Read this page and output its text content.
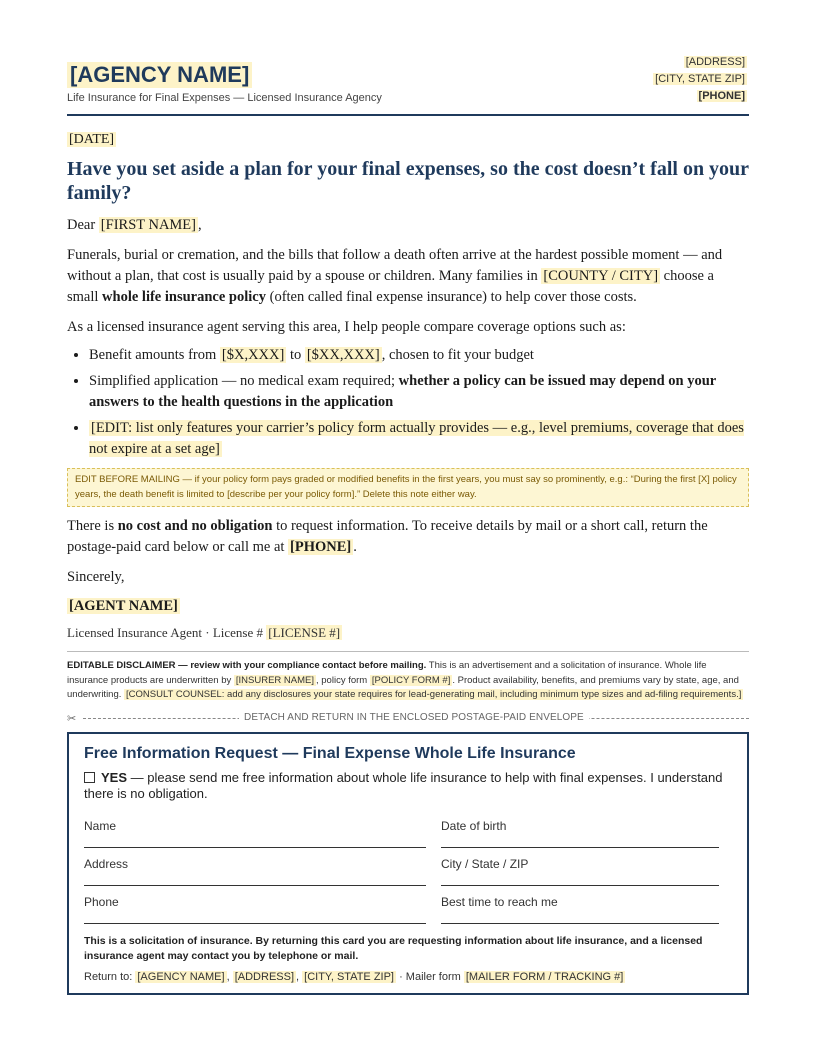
[AGENCY NAME]
Life Insurance for Final Expenses — Licensed Insurance Agency
[ADDRESS]
[CITY, STATE ZIP]
[PHONE]
[DATE]
Have you set aside a plan for your final expenses, so the cost doesn’t fall on your family?
Dear [FIRST NAME] ,
Funerals, burial or cremation, and the bills that follow a death often arrive at the hardest possible moment — and without a plan, that cost is usually paid by a spouse or children. Many families in [COUNTY / CITY] choose a small whole life insurance policy (often called final expense insurance) to help cover those costs.
As a licensed insurance agent serving this area, I help people compare coverage options such as:
• Benefit amounts from [$X,XXX] to [$XX,XXX] , chosen to fit your budget
• Simplified application — no medical exam required; whether a policy can be issued may depend on your answers to the health questions in the application
• [EDIT: list only features your carrier’s policy form actually provides — e.g., level premiums, coverage that does not expire at a set age]
EDIT BEFORE MAILING — if your policy form pays graded or modified benefits in the first years, you must say so prominently, e.g.: “During the first [X] policy years, the death benefit is limited to [describe per your policy form].” Delete this note either way.
There is no cost and no obligation to request information. To receive details by mail or a short call, return the postage-paid card below or call me at [PHONE] .
Sincerely,
[AGENT NAME]
Licensed Insurance Agent · License # [LICENSE #]
EDITABLE DISCLAIMER — review with your compliance contact before mailing. This is an advertisement and a solicitation of insurance. Whole life insurance products are underwritten by [INSURER NAME] , policy form [POLICY FORM #] . Product availability, benefits, and premiums vary by state, age, and underwriting. [CONSULT COUNSEL: add any disclosures your state requires for lead-generating mail, including minimum type sizes and ad-filing requirements.]
✂	DETACH AND RETURN IN THE ENCLOSED POSTAGE-PAID ENVELOPE
Free Information Request — Final Expense Whole Life Insurance
YES — please send me free information about whole life insurance to help with final expenses. I understand there is no obligation.
Name	Date of birth
Address	City / State / ZIP
Phone	Best time to reach me
This is a solicitation of insurance. By returning this card you are requesting information about life insurance, and a licensed insurance agent may contact you by telephone or mail.
Return to: [AGENCY NAME] , [ADDRESS] , [CITY, STATE ZIP] · Mailer form [MAILER FORM / TRACKING #]
